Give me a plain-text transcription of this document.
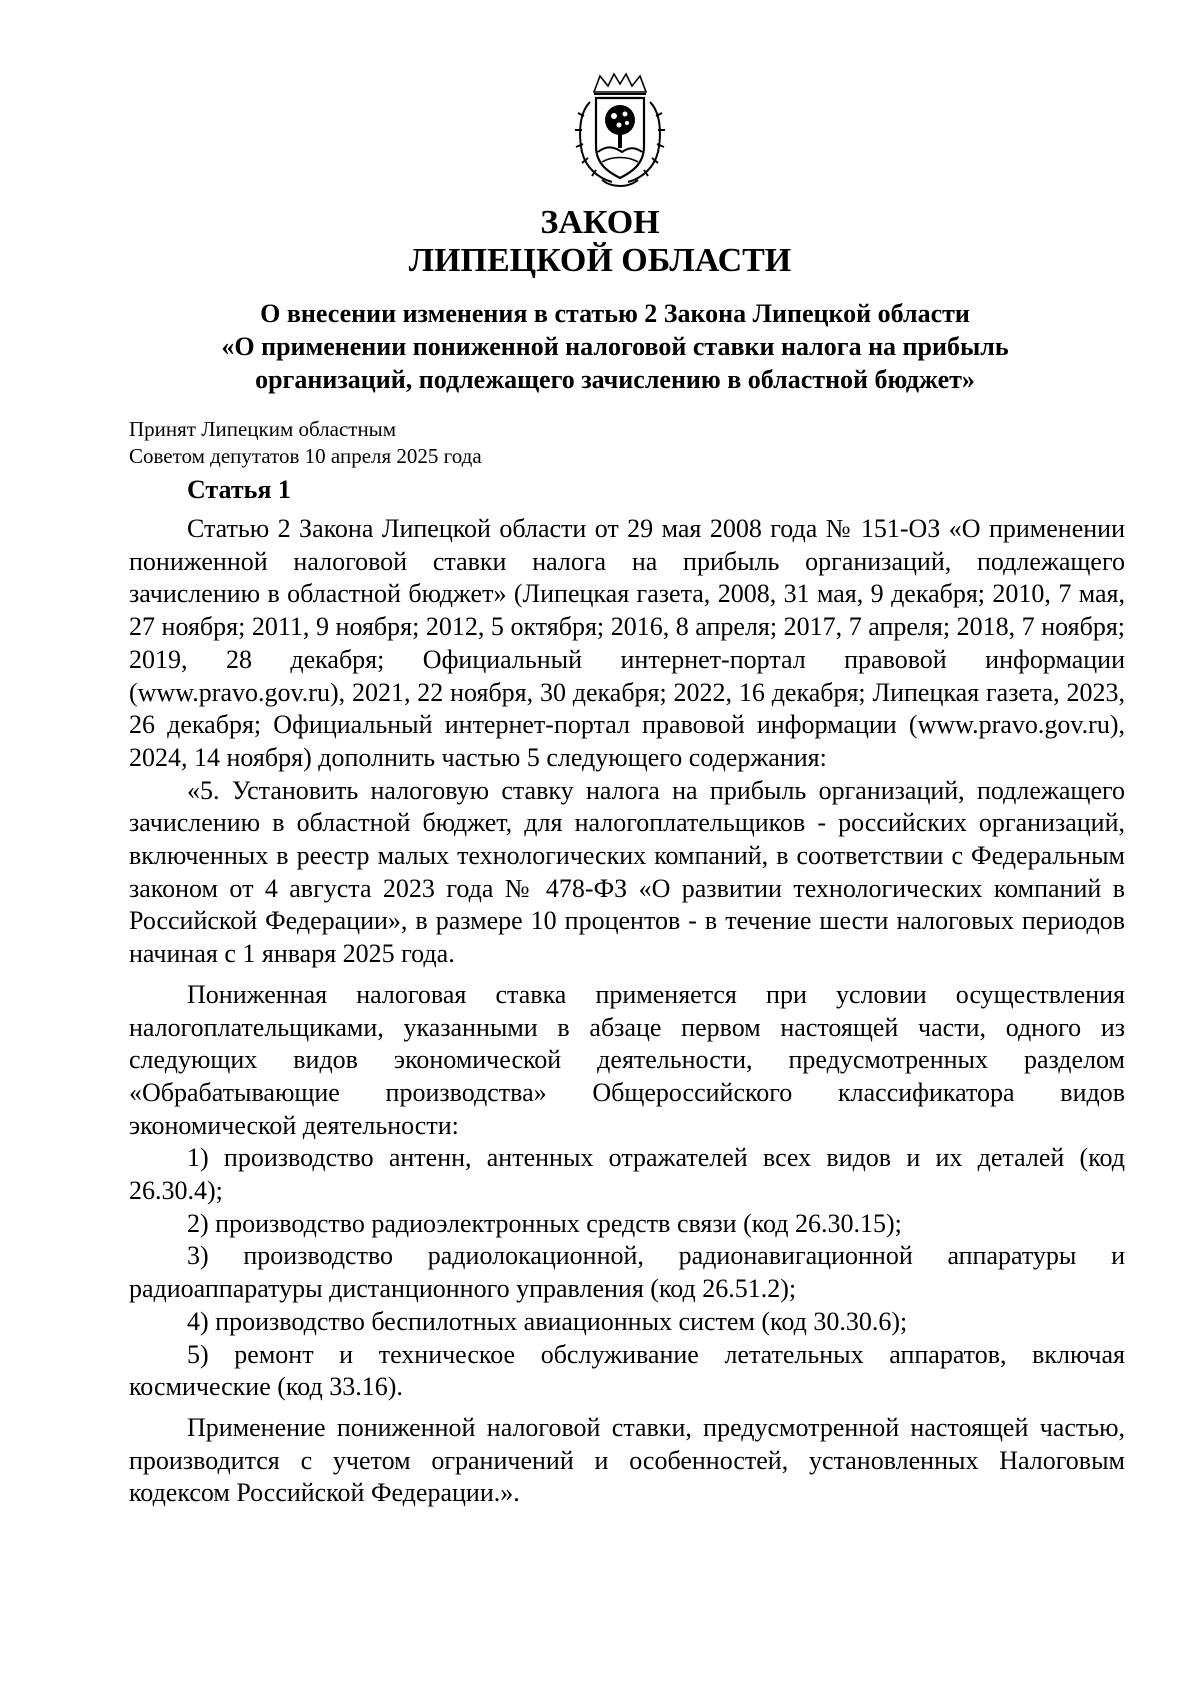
ЗАКОН
ЛИПЕЦКОЙ ОБЛАСТИ
О внесении изменения в статью 2 Закона Липецкой области
«О применении пониженной налоговой ставки налога на прибыль
организаций, подлежащего зачислению в областной бюджет»
Принят Липецким областным
Советом депутатов 10 апреля 2025 года
Статья 1

Статью 2 Закона Липецкой области от 29 мая 2008 года № 151-ОЗ «О применении пониженной налоговой ставки налога на прибыль организаций, подлежащего зачислению в областной бюджет» (Липецкая газета, 2008, 31 мая, 9 декабря; 2010, 7 мая, 27 ноября; 2011, 9 ноября; 2012, 5 октября; 2016, 8 апреля; 2017, 7 апреля; 2018, 7 ноября; 2019, 28 декабря; Официальный интернет-портал правовой информации (www.pravo.gov.ru), 2021, 22 ноября, 30 декабря; 2022, 16 декабря; Липецкая газета, 2023, 26 декабря; Официальный интернет-портал правовой информации (www.pravo.gov.ru), 2024, 14 ноября) дополнить частью 5 следующего содержания:

«5. Установить налоговую ставку налога на прибыль организаций, подлежащего зачислению в областной бюджет, для налогоплательщиков - российских организаций, включенных в реестр малых технологических компаний, в соответствии с Федеральным законом от 4 августа 2023 года № 478-ФЗ «О развитии технологических компаний в Российской Федерации», в размере 10 процентов - в течение шести налоговых периодов начиная с 1 января 2025 года.

Пониженная налоговая ставка применяется при условии осуществления налогоплательщиками, указанными в абзаце первом настоящей части, одного из следующих видов экономической деятельности, предусмотренных разделом «Обрабатывающие производства» Общероссийского классификатора видов экономической деятельности:

1) производство антенн, антенных отражателей всех видов и их деталей (код 26.30.4);

2) производство радиоэлектронных средств связи (код 26.30.15);

3) производство радиолокационной, радионавигационной аппаратуры и радиоаппаратуры дистанционного управления (код 26.51.2);

4) производство беспилотных авиационных систем (код 30.30.6);

5) ремонт и техническое обслуживание летательных аппаратов, включая космические (код 33.16).

Применение пониженной налоговой ставки, предусмотренной настоящей частью, производится с учетом ограничений и особенностей, установленных Налоговым кодексом Российской Федерации.».
